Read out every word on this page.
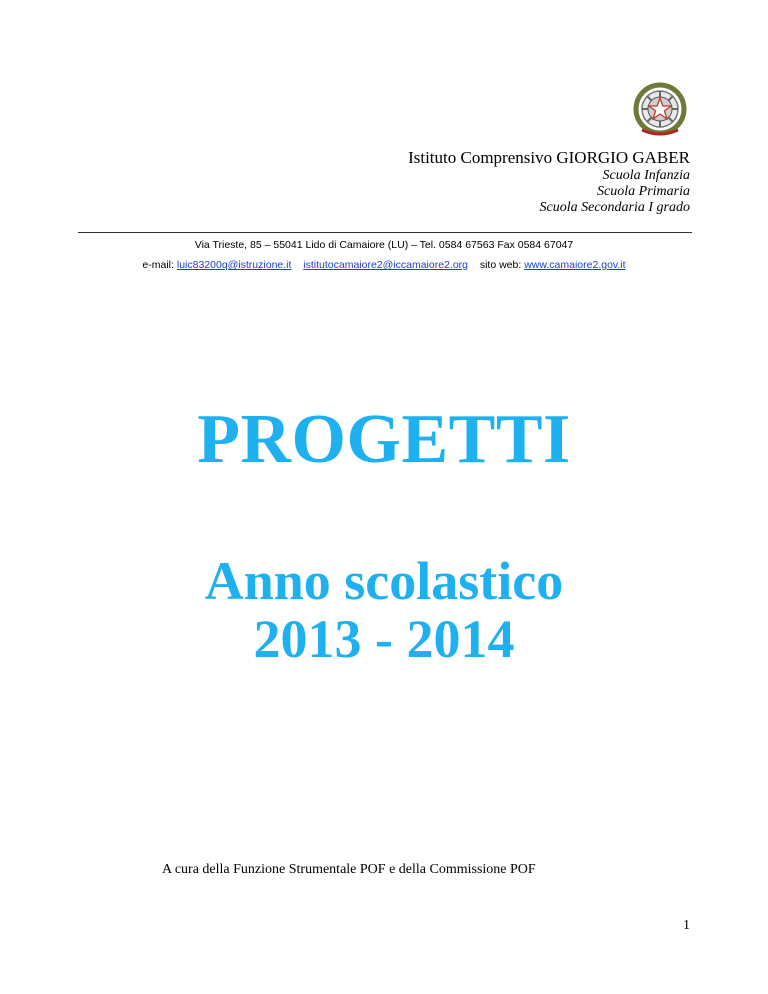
Istituto Comprensivo GIORGIO GABER
Scuola Infanzia
Scuola Primaria
Scuola Secondaria I grado
Via Trieste, 85 – 55041 Lido di Camaiore (LU) – Tel. 0584 67563 Fax 0584 67047
e-mail: luic83200q@istruzione.it istitutocamaiore2@iccamaiore2.org sito web: www.camaiore2.gov.it
PROGETTI
Anno scolastico
2013 - 2014
A cura della Funzione Strumentale POF e della Commissione POF
1
